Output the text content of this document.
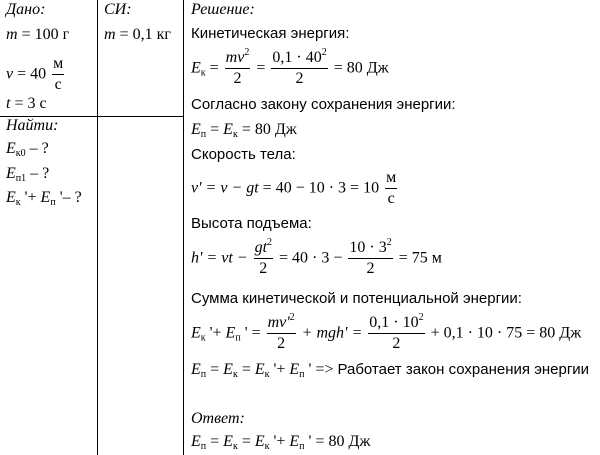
Дано:
m = 100 г
$v = 40 \frac{м}{с}$
t = 3 с
Найти:
$E_{к0}$ – ?
$E_{п1}$ – ?
$E_к$ '+ $E_п$ '– ?
СИ:
m = 0,1 кг
Решение:
Кинетическая энергия:
$E_к = \frac{mv^2}{2} = \frac{0,1 \cdot 40^2}{2} = 80$ Дж
Согласно закону сохранения энергии:
$E_п = E_к = 80$ Дж
Скорость тела:
v' = v − gt = $40 - 10 \cdot 3 = 10 \frac{м}{с}$
Высота подъема:
h' = vt − $\frac{gt^2}{2} = 40 \cdot 3 - \frac{10 \cdot 3^2}{2} = 75$ м
Сумма кинетической и потенциальной энергии:
$E_к$ '+ $E_п$ ' = $\frac{mv'^2}{2} + mgh' = \frac{0,1 \cdot 10^2}{2} + 0,1 \cdot 10 \cdot 75 = 80$ Дж
$E_п = E_к = E_к$ '+ $E_п$ ' => Работает закон сохранения энергии
Ответ:
$E_п = E_к = E_к$ '+ $E_п$ ' = 80 Дж
